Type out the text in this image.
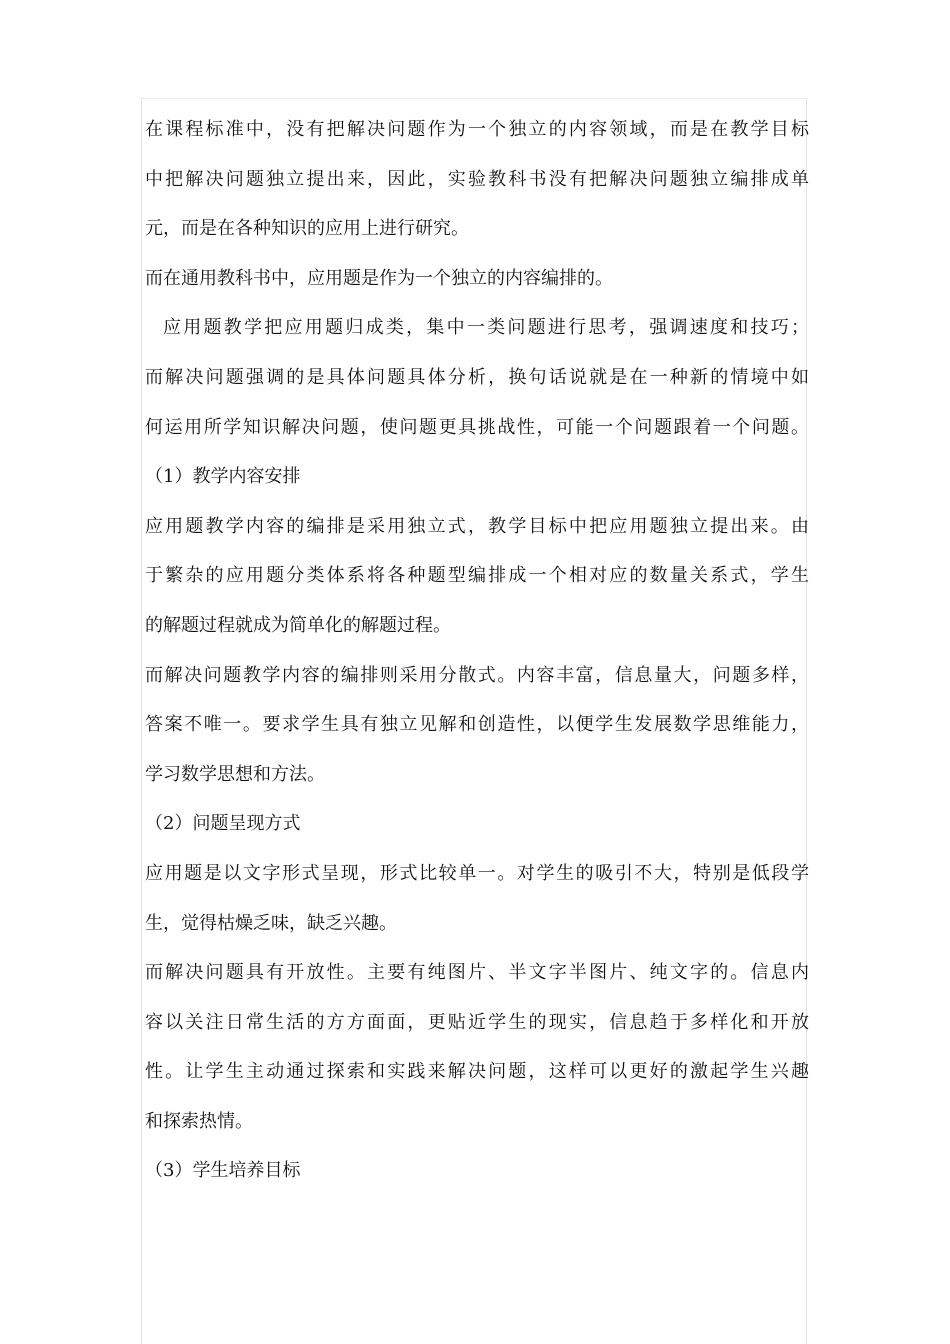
在课程标准中，没有把解决问题作为一个独立的内容领域，而是在教学目标
中把解决问题独立提出来，因此，实验教科书没有把解决问题独立编排成单
元，而是在各种知识的应用上进行研究。
而在通用教科书中，应用题是作为一个独立的内容编排的。
应用题教学把应用题归成类，集中一类问题进行思考，强调速度和技巧；
而解决问题强调的是具体问题具体分析，换句话说就是在一种新的情境中如
何运用所学知识解决问题，使问题更具挑战性，可能一个问题跟着一个问题。
（1）教学内容安排
应用题教学内容的编排是采用独立式，教学目标中把应用题独立提出来。由
于繁杂的应用题分类体系将各种题型编排成一个相对应的数量关系式，学生
的解题过程就成为简单化的解题过程。
而解决问题教学内容的编排则采用分散式。内容丰富，信息量大，问题多样，
答案不唯一。要求学生具有独立见解和创造性，以便学生发展数学思维能力，
学习数学思想和方法。
（2）问题呈现方式
应用题是以文字形式呈现，形式比较单一。对学生的吸引不大，特别是低段学
生，觉得枯燥乏味，缺乏兴趣。
而解决问题具有开放性。主要有纯图片、半文字半图片、纯文字的。信息内
容以关注日常生活的方方面面，更贴近学生的现实，信息趋于多样化和开放
性。让学生主动通过探索和实践来解决问题，这样可以更好的激起学生兴趣
和探索热情。
（3）学生培养目标
